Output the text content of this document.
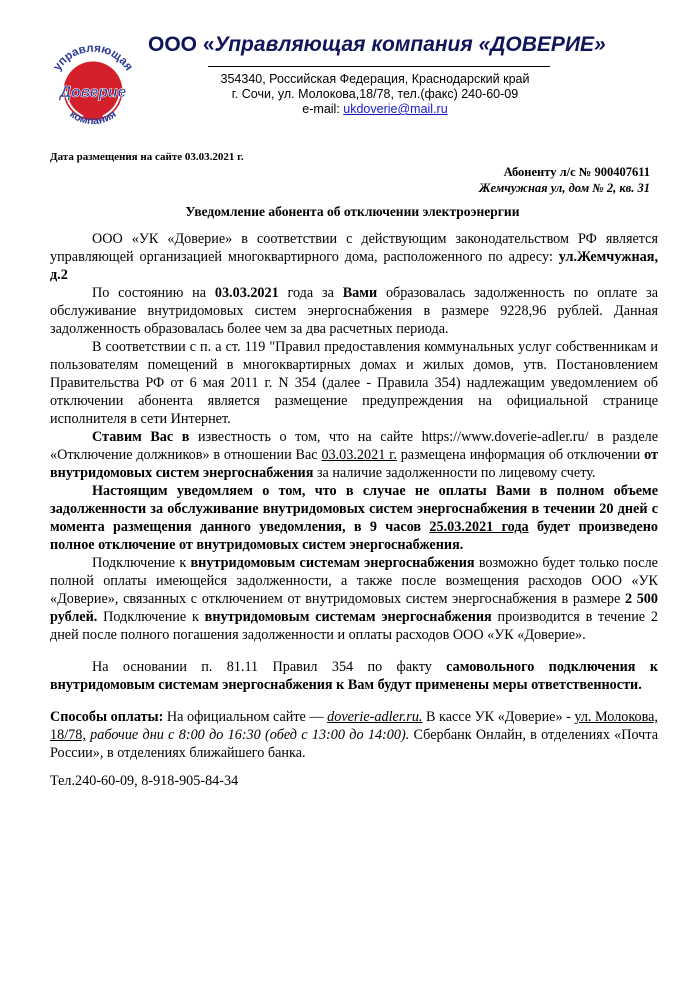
управляющая
Доверие
компания
ООО «Управляющая компания «ДОВЕРИЕ»
354340, Российская Федерация, Краснодарский край
г. Сочи, ул. Молокова,18/78, тел.(факс) 240-60-09
e-mail: ukdoverie@mail.ru
Дата размещения на сайте 03.03.2021 г.
Абоненту л/с № 900407611
Жемчужная ул, дом № 2, кв. 31
Уведомление абонента об отключении электроэнергии

ООО «УК «Доверие» в соответствии с действующим законодательством РФ является управляющей организацией многоквартирного дома, расположенного по адресу: ул.Жемчужная, д.2

По состоянию на 03.03.2021 года за Вами образовалась задолженность по оплате за обслуживание внутридомовых систем энергоснабжения в размере 9228,96 рублей. Данная задолженность образовалась более чем за два расчетных периода.

В соответствии с п. а ст. 119 "Правил предоставления коммунальных услуг собственникам и пользователям помещений в многоквартирных домах и жилых домов, утв. Постановлением Правительства РФ от 6 мая 2011 г. N 354 (далее - Правила 354) надлежащим уведомлением об отключении абонента является размещение предупреждения на официальной странице исполнителя в сети Интернет.

Ставим Вас в известность о том, что на сайте https://www.doverie-adler.ru/ в разделе «Отключение должников» в отношении Вас 03.03.2021 г. размещена информация об отключении от внутридомовых систем энергоснабжения за наличие задолженности по лицевому счету.

Настоящим уведомляем о том, что в случае не оплаты Вами в полном объеме задолженности за обслуживание внутридомовых систем энергоснабжения в течении 20 дней с момента размещения данного уведомления, в 9 часов 25.03.2021 года будет произведено полное отключение от внутридомовых систем энергоснабжения.

Подключение к внутридомовым системам энергоснабжения возможно будет только после полной оплаты имеющейся задолженности, а также после возмещения расходов ООО «УК «Доверие», связанных с отключением от внутридомовых систем энергоснабжения в размере 2 500 рублей. Подключение к внутридомовым системам энергоснабжения производится в течение 2 дней после полного погашения задолженности и оплаты расходов ООО «УК «Доверие».

На основании п. 81.11 Правил 354 по факту самовольного подключения к внутридомовым системам энергоснабжения к Вам будут применены меры ответственности.

Способы оплаты: На официальном сайте — doverie-adler.ru. В кассе УК «Доверие» - ул. Молокова, 18/78, рабочие дни с 8:00 до 16:30 (обед с 13:00 до 14:00). Сбербанк Онлайн, в отделениях «Почта России», в отделениях ближайшего банка.

Тел.240-60-09, 8-918-905-84-34
